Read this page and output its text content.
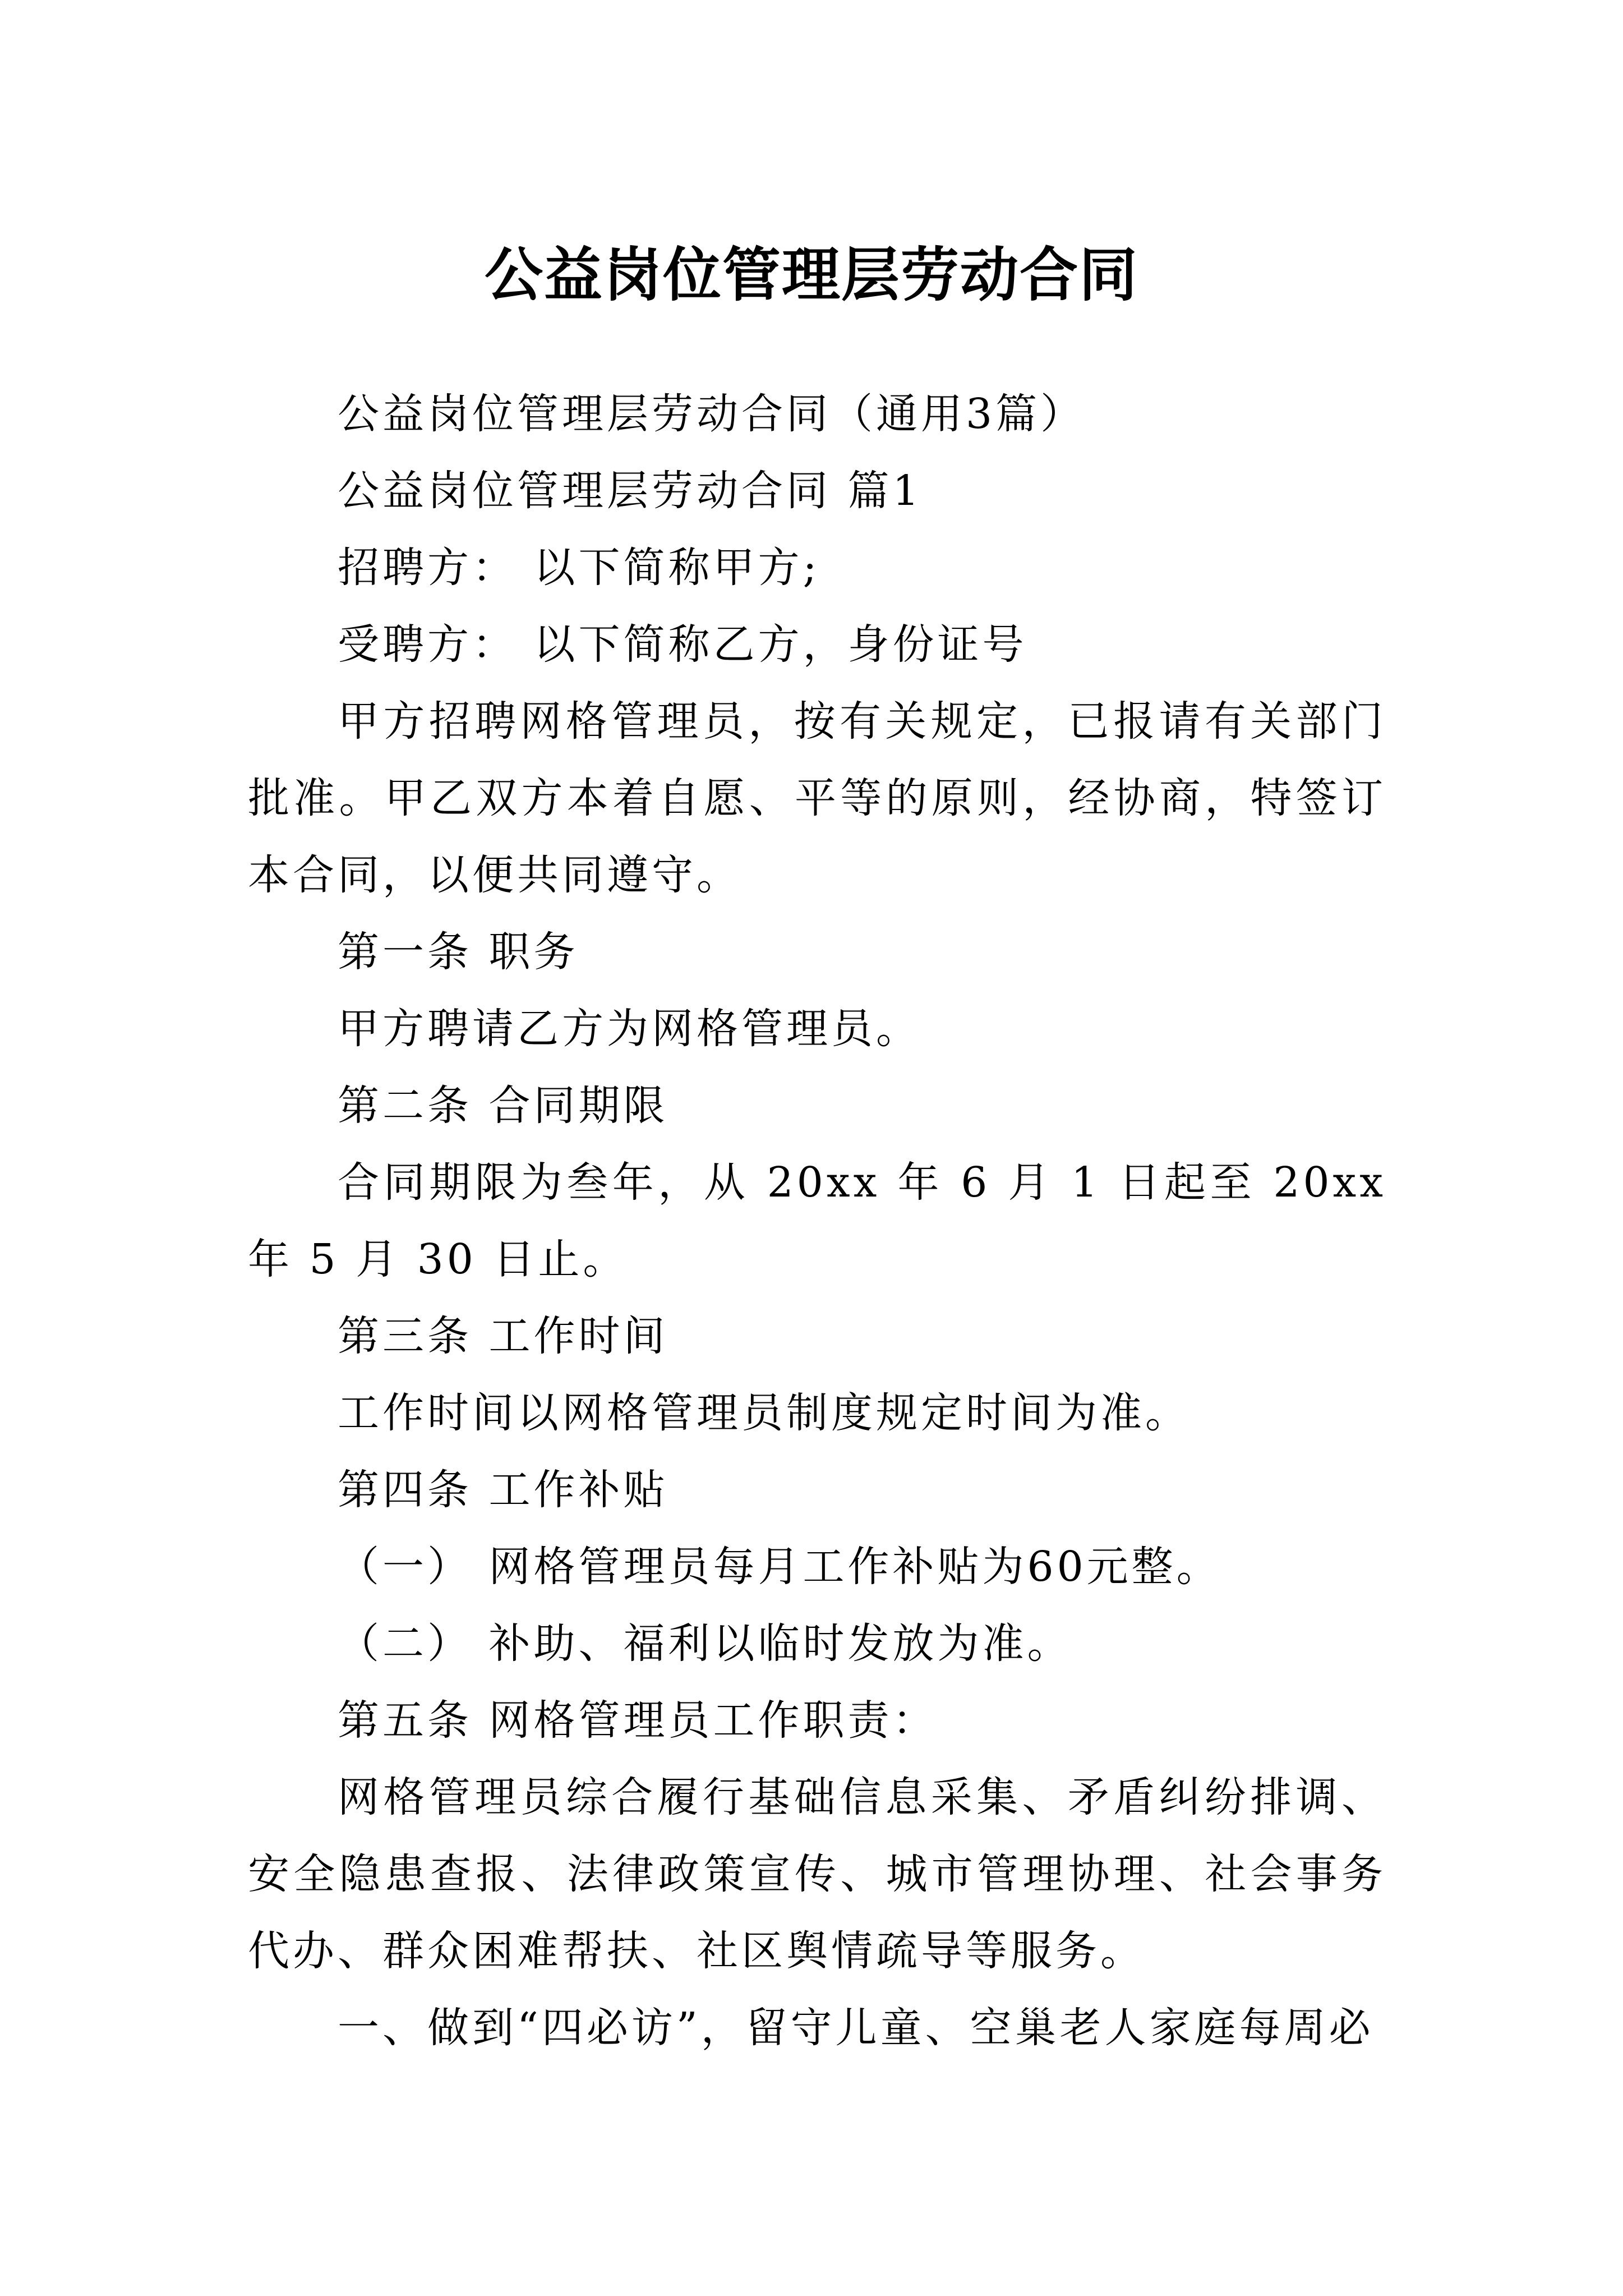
公益岗位管理层劳动合同

公益岗位管理层劳动合同（通用3篇）

公益岗位管理层劳动合同 篇1

招聘方： 以下简称甲方;

受聘方： 以下简称乙方，身份证号

甲方招聘网格管理员，按有关规定，已报请有关部门批准。甲乙双方本着自愿、平等的原则，经协商，特签订本合同，以便共同遵守。

第一条 职务

甲方聘请乙方为网格管理员。

第二条 合同期限

合同期限为叁年，从 20xx 年 6 月 1 日起至 20xx 年 5 月 30 日止。

第三条 工作时间

工作时间以网格管理员制度规定时间为准。

第四条 工作补贴

（一） 网格管理员每月工作补贴为60元整。

（二） 补助、福利以临时发放为准。

第五条 网格管理员工作职责：

网格管理员综合履行基础信息采集、矛盾纠纷排调、安全隐患查报、法律政策宣传、城市管理协理、社会事务代办、群众困难帮扶、社区舆情疏导等服务。

一、做到“四必访”，留守儿童、空巢老人家庭每周必
